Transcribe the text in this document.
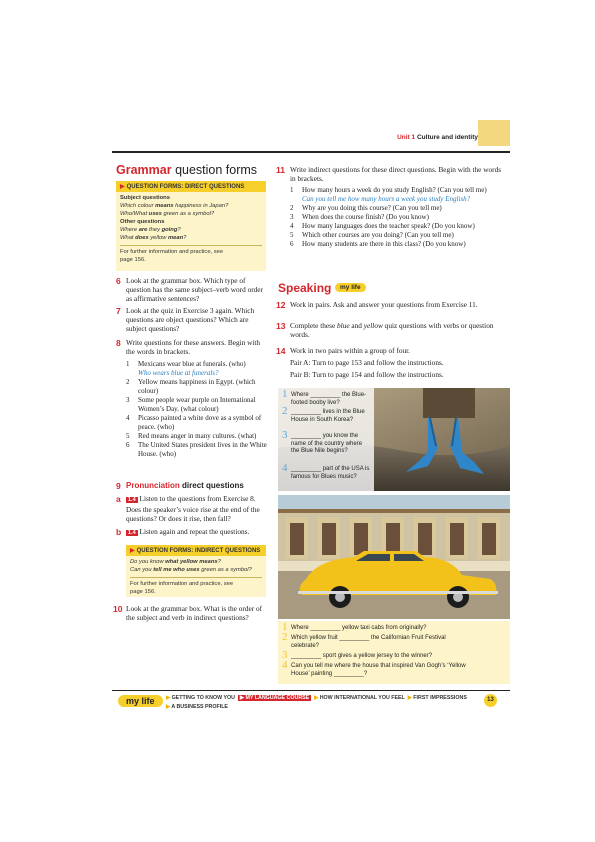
Unit 1 Culture and identity
Grammar question forms
▶ QUESTION FORMS: DIRECT QUESTIONS

Subject questions

Which colour means happiness in Japan?

Who/What uses green as a symbol?

Other questions

Where are they going?

What does yellow mean?

For further information and practice, see

page 156.

6 Look at the grammar box. Which type of question has the same subject–verb word order as affirmative sentences?
7 Look at the quiz in Exercise 3 again. Which questions are object questions? Which are subject questions?
8 Write questions for these answers. Begin with the words in brackets.
1 Mexicans wear blue at funerals. (who)
Who wears blue at funerals?
2 Yellow means happiness in Egypt. (which colour)
3 Some people wear purple on International Women’s Day. (what colour)
4 Picasso painted a white dove as a symbol of peace. (who)
5 Red means anger in many cultures. (what)
6 The United States president lives in the White House. (who)
9 Pronunciation direct questions
a	1.4 Listen to the questions from Exercise 8. Does the speaker’s voice rise at the end of the questions? Or does it rise, then fall?
b	1.4 Listen again and repeat the questions.
▶ QUESTION FORMS: INDIRECT QUESTIONS

Do you know what yellow means?

Can you tell me who uses green as a symbol?

For further information and practice, see

page 156.

10 Look at the grammar box. What is the order of the subject and verb in indirect questions?
11 Write indirect questions for these direct questions. Begin with the words in brackets.
1 How many hours a week do you study English? (Can you tell me)
Can you tell me how many hours a week you study English?
2 Why are you doing this course? (Can you tell me)
3 When does the course finish? (Do you know)
4 How many languages does the teacher speak? (Do you know)
5 Which other courses are you doing? (Can you tell me)
6 How many students are there in this class? (Do you know)
Speaking	my life
12 Work in pairs. Ask and answer your questions from Exercise 11.
13 Complete these blue and yellow quiz questions with verbs or question words.
14 Work in two pairs within a group of four.
Pair A: Turn to page 153 and follow the instructions.
Pair B: Turn to page 154 and follow the instructions.
1 Where _________ the Blue-footed booby live?
2 _________ lives in the Blue House in South Korea?
3 _________ you know the name of the country where the Blue Nile begins?
4 _________ part of the USA is famous for Blues music?
1 Where _________ yellow taxi cabs from originally?
2 Which yellow fruit _________ the Californian Fruit Festival celebrate?
3 _________ sport gives a yellow jersey to the winner?
4 Can you tell me where the house that inspired Van Gogh’s ‘Yellow House’ painting _________?
my life	▶ GETTING TO KNOW YOU ▶ MY LANGUAGE COURSE ▶ HOW INTERNATIONAL YOU FEEL ▶ FIRST IMPRESSIONS
▶ A BUSINESS PROFILE
13
